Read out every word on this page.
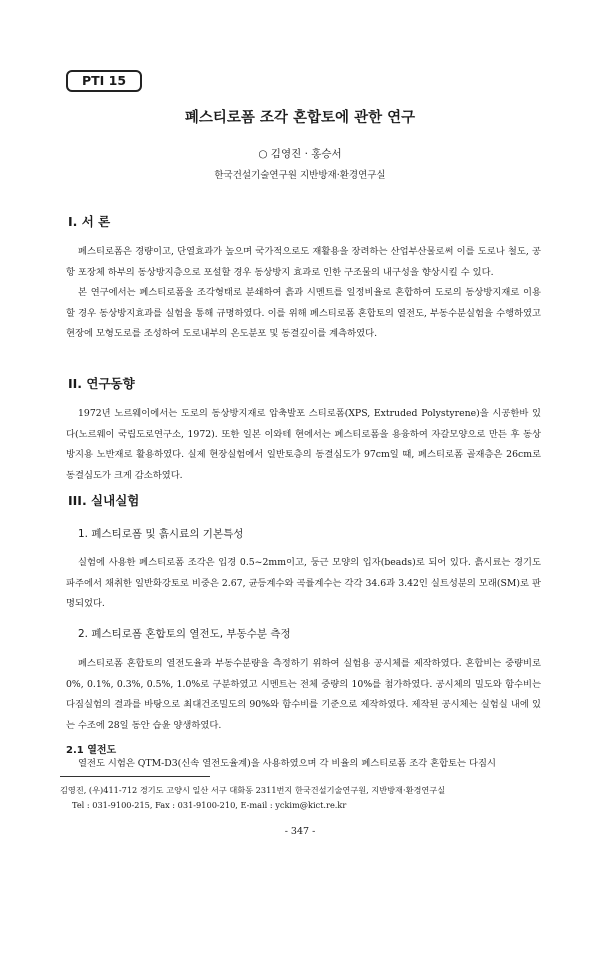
PTI 15
폐스티로폼 조각 혼합토에 관한 연구
○ 김영진 · 홍승서
한국건설기술연구원 지반방재·환경연구실
I. 서 론

폐스티로폼은 경량이고, 단열효과가 높으며 국가적으로도 재활용을 장려하는 산업부산물로써 이를 도로나 철도, 공항 포장체 하부의 동상방지층으로 포설할 경우 동상방지 효과로 인한 구조물의 내구성을 향상시킬 수 있다.

본 연구에서는 폐스티로폼을 조각형태로 분쇄하여 흙과 시멘트를 일정비율로 혼합하여 도로의 동상방지재로 이용할 경우 동상방지효과를 실험을 통해 규명하였다. 이를 위해 폐스티로폼 혼합토의 열전도, 부동수분실험을 수행하였고 현장에 모형도로를 조성하여 도로내부의 온도분포 및 동결깊이를 계측하였다.

II. 연구동향

1972년 노르웨이에서는 도로의 동상방지재로 압축발포 스티로폼(XPS, Extruded Polystyrene)을 시공한바 있다(노르웨이 국립도로연구소, 1972). 또한 일본 이와테 현에서는 폐스티로폼을 용융하여 자갈모양으로 만든 후 동상방지용 노반재로 활용하였다. 실제 현장실험에서 일반토층의 동결심도가 97cm일 때, 폐스티로폼 골재층은 26cm로 동결심도가 크게 감소하였다.

III. 실내실험
1. 폐스티로폼 및 흙시료의 기본특성

실험에 사용한 폐스티로폼 조각은 입경 0.5~2mm이고, 둥근 모양의 입자(beads)로 되어 있다. 흙시료는 경기도 파주에서 채취한 일반화강토로 비중은 2.67, 균등계수와 곡률계수는 각각 34.6과 3.42인 실트성분의 모래(SM)로 판명되었다.

2. 폐스티로폼 혼합토의 열전도, 부동수분 측정

폐스티로폼 혼합토의 열전도율과 부동수분량을 측정하기 위하여 실험용 공시체를 제작하였다. 혼합비는 중량비로 0%, 0.1%, 0.3%, 0.5%, 1.0%로 구분하였고 시멘트는 전체 중량의 10%를 첨가하였다. 공시체의 밀도와 함수비는 다짐실험의 결과를 바탕으로 최대건조밀도의 90%와 함수비를 기준으로 제작하였다. 제작된 공시체는 실험실 내에 있는 수조에 28일 동안 습윤 양생하였다.

2.1 열전도

열전도 시험은 QTM-D3(신속 열전도율계)을 사용하였으며 각 비율의 폐스티로폼 조각 혼합토는 다짐시

김영진, (우)411-712 경기도 고양시 일산 서구 대화동 2311번지 한국건설기술연구원, 지반방재·환경연구실
Tel : 031-9100-215, Fax : 031-9100-210, E-mail : yckim@kict.re.kr
- 347 -
